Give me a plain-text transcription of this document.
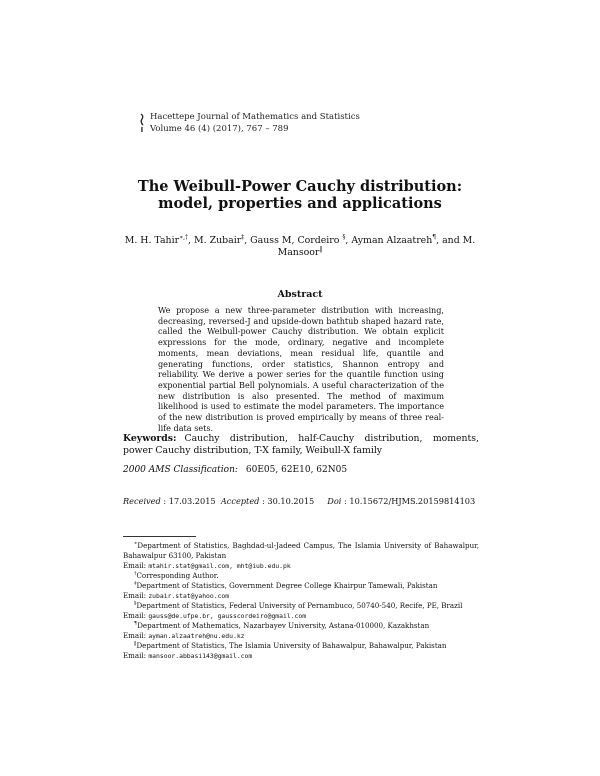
Hacettepe Journal of Mathematics and Statistics
Volume 46 (4) (2017), 767 – 789
The Weibull-Power Cauchy distribution:
model, properties and applications
M. H. Tahir∗,†, M. Zubair‡, Gauss M, Cordeiro §, Ayman Alzaatreh¶, and M. Mansoor‖
Abstract
We propose a new three-parameter distribution with increasing, decreasing, reversed-J and upside-down bathtub shaped hazard rate, called the Weibull-power Cauchy distribution. We obtain explicit expressions for the mode, ordinary, negative and incomplete moments, mean deviations, mean residual life, quantile and generating functions, order statistics, Shannon entropy and reliability. We derive a power series for the quantile function using exponential partial Bell polynomials. A useful characterization of the new distribution is also presented. The method of maximum likelihood is used to estimate the model parameters. The importance of the new distribution is proved empirically by means of three real-life data sets.
Keywords: Cauchy distribution, half-Cauchy distribution, moments, power Cauchy distribution, T-X family, Weibull-X family
2000 AMS Classification: 60E05, 62E10, 62N05
Received : 17.03.2015 Accepted : 30.10.2015 Doi : 10.15672/HJMS.20159814103

∗Department of Statistics, Baghdad-ul-Jadeed Campus, The Islamia University of Bahawalpur, Bahawalpur 63100, Pakistan

Email: mtahir.stat@gmail.com, mht@iub.edu.pk

†Corresponding Author.

‡Department of Statistics, Government Degree College Khairpur Tamewali, Pakistan

Email: zubair.stat@yahoo.com

§Department of Statistics, Federal University of Pernambuco, 50740-540, Recife, PE, Brazil

Email: gauss@de.ufpe.br, gausscordeiro@gmail.com

¶Department of Mathematics, Nazarbayev University, Astana-010000, Kazakhstan

Email: ayman.alzaatreh@nu.edu.kz

‖Department of Statistics, The Islamia University of Bahawalpur, Bahawalpur, Pakistan

Email: mansoor.abbasi143@gmail.com
